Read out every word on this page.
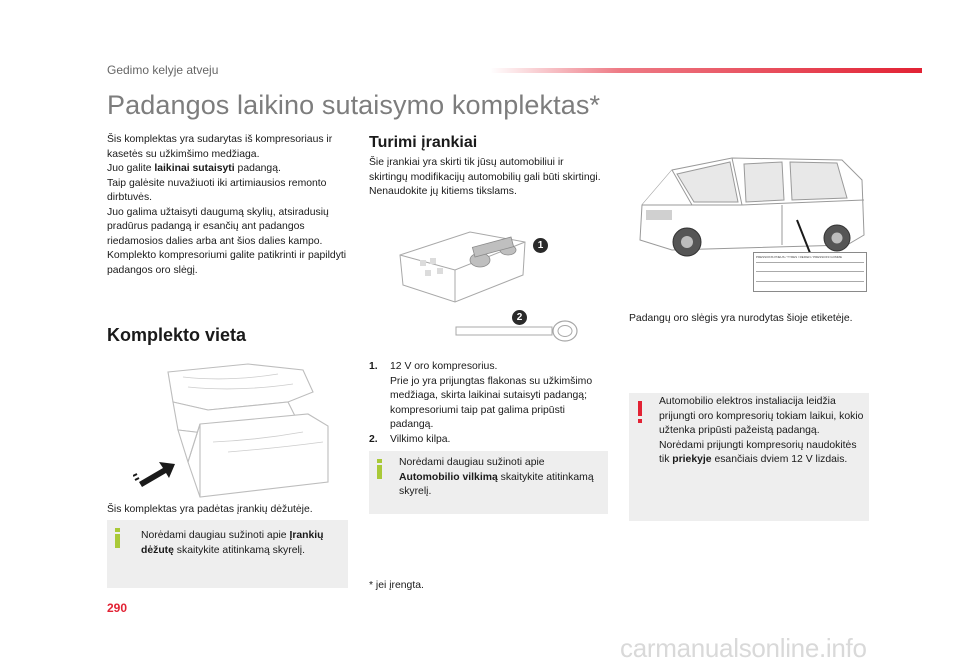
Gedimo kelyje atveju
Padangos laikino sutaisymo komplektas*
Šis komplektas yra sudarytas iš kompresoriaus ir kasetės su užkimšimo medžiaga.
Juo galite laikinai sutaisyti padangą.
Taip galėsite nuvažiuoti iki artimiausios remonto dirbtuvės.
Juo galima užtaisyti daugumą skylių, atsiradusių pradūrus padangą ir esančių ant padangos riedamosios dalies arba ant šios dalies kampo.
Komplekto kompresoriumi galite patikrinti ir papildyti padangos oro slėgį.
Komplekto vieta
Šis komplektas yra padėtas įrankių dėžutėje.
Norėdami daugiau sužinoti apie Įrankių dėžutę skaitykite atitinkamą skyrelį.
Turimi įrankiai
Šie įrankiai yra skirti tik jūsų automobiliui ir skirtingų modifikacijų automobilių gali būti skirtingi. Nenaudokite jų kitiems tikslams.
1
2
1. 12 V oro kompresorius.
Prie jo yra prijungtas flakonas su užkimšimo medžiaga, skirta laikinai sutaisyti padangą; kompresoriumi taip pat galima pripūsti padangą.
2. Vilkimo kilpa.
Norėdami daugiau sužinoti apie Automobilio vilkimą skaitykite atitinkamą skyrelį.
* jei įrengta.
PRESSIONS PNEUS / TYRES / REIFEN / PRESSIONI GOMME
Padangų oro slėgis yra nurodytas šioje etiketėje.
Automobilio elektros instaliacija leidžia prijungti oro kompresorių tokiam laikui, kokio užtenka pripūsti pažeistą padangą.
Norėdami prijungti kompresorių naudokitės tik priekyje esančiais dviem 12 V lizdais.
290
carmanualsonline.info
